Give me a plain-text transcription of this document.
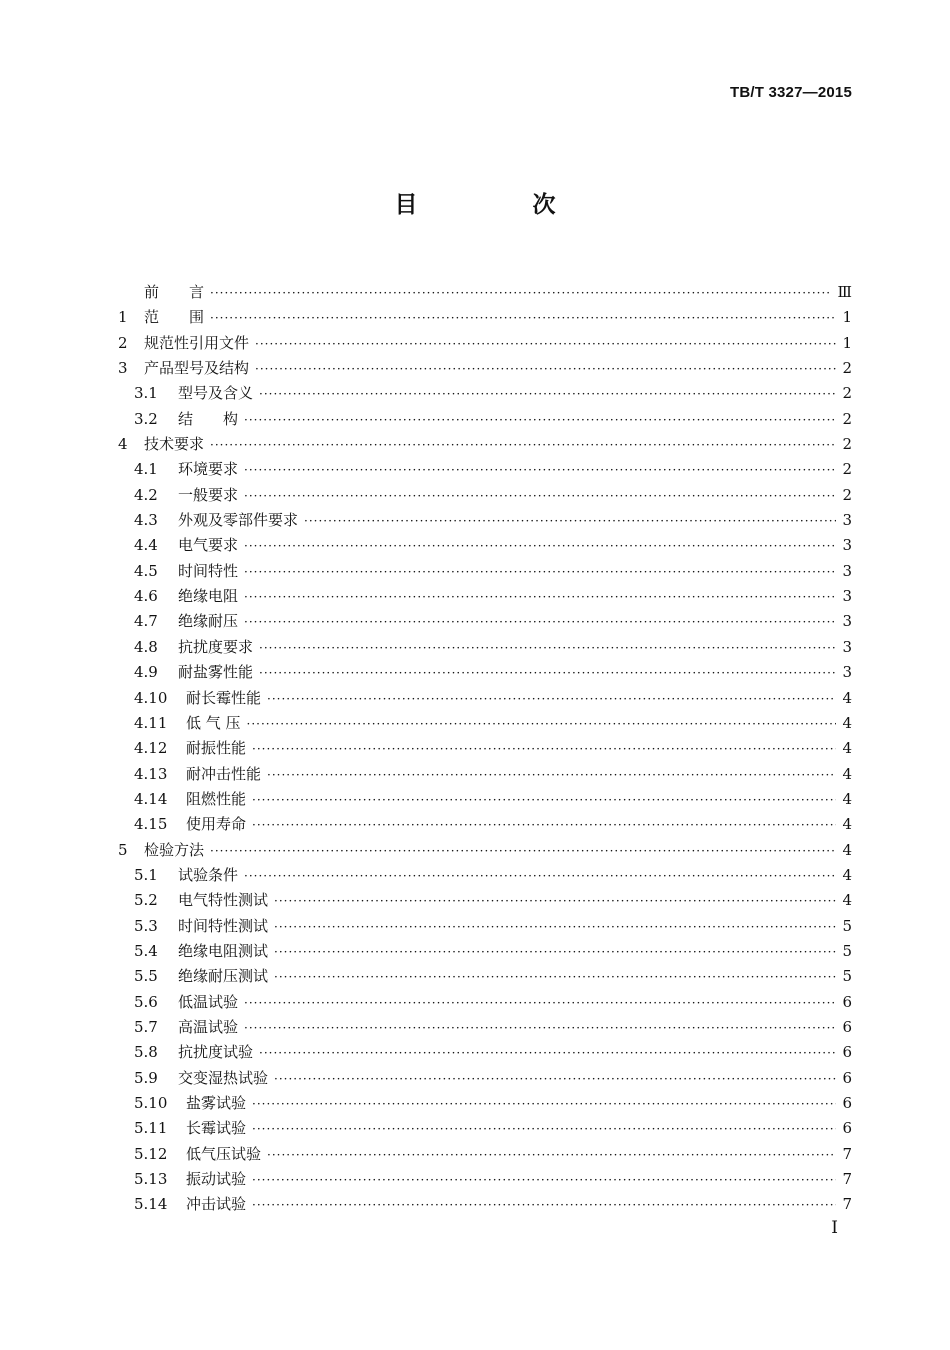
TB/T 3327—2015
目　次
前　　言 ·····	Ⅲ
1	范　　围 ·····	1
2	规范性引用文件 ·····	1
3	产品型号及结构 ·····	2
3.1	型号及含义 ·····	2
3.2	结　　构 ·····	2
4	技术要求 ·····	2
4.1	环境要求 ·····	2
4.2	一般要求 ·····	2
4.3	外观及零部件要求 ·····	3
4.4	电气要求 ·····	3
4.5	时间特性 ·····	3
4.6	绝缘电阻 ·····	3
4.7	绝缘耐压 ·····	3
4.8	抗扰度要求 ·····	3
4.9	耐盐雾性能 ·····	3
4.10	耐长霉性能 ·····	4
4.11	低 气 压 ·····	4
4.12	耐振性能 ·····	4
4.13	耐冲击性能 ·····	4
4.14	阻燃性能 ·····	4
4.15	使用寿命 ·····	4
5	检验方法 ·····	4
5.1	试验条件 ·····	4
5.2	电气特性测试 ·····	4
5.3	时间特性测试 ·····	5
5.4	绝缘电阻测试 ·····	5
5.5	绝缘耐压测试 ·····	5
5.6	低温试验 ·····	6
5.7	高温试验 ·····	6
5.8	抗扰度试验 ·····	6
5.9	交变湿热试验 ·····	6
5.10	盐雾试验 ·····	6
5.11	长霉试验 ·····	6
5.12	低气压试验 ·····	7
5.13	振动试验 ·····	7
5.14	冲击试验 ·····	7
I
